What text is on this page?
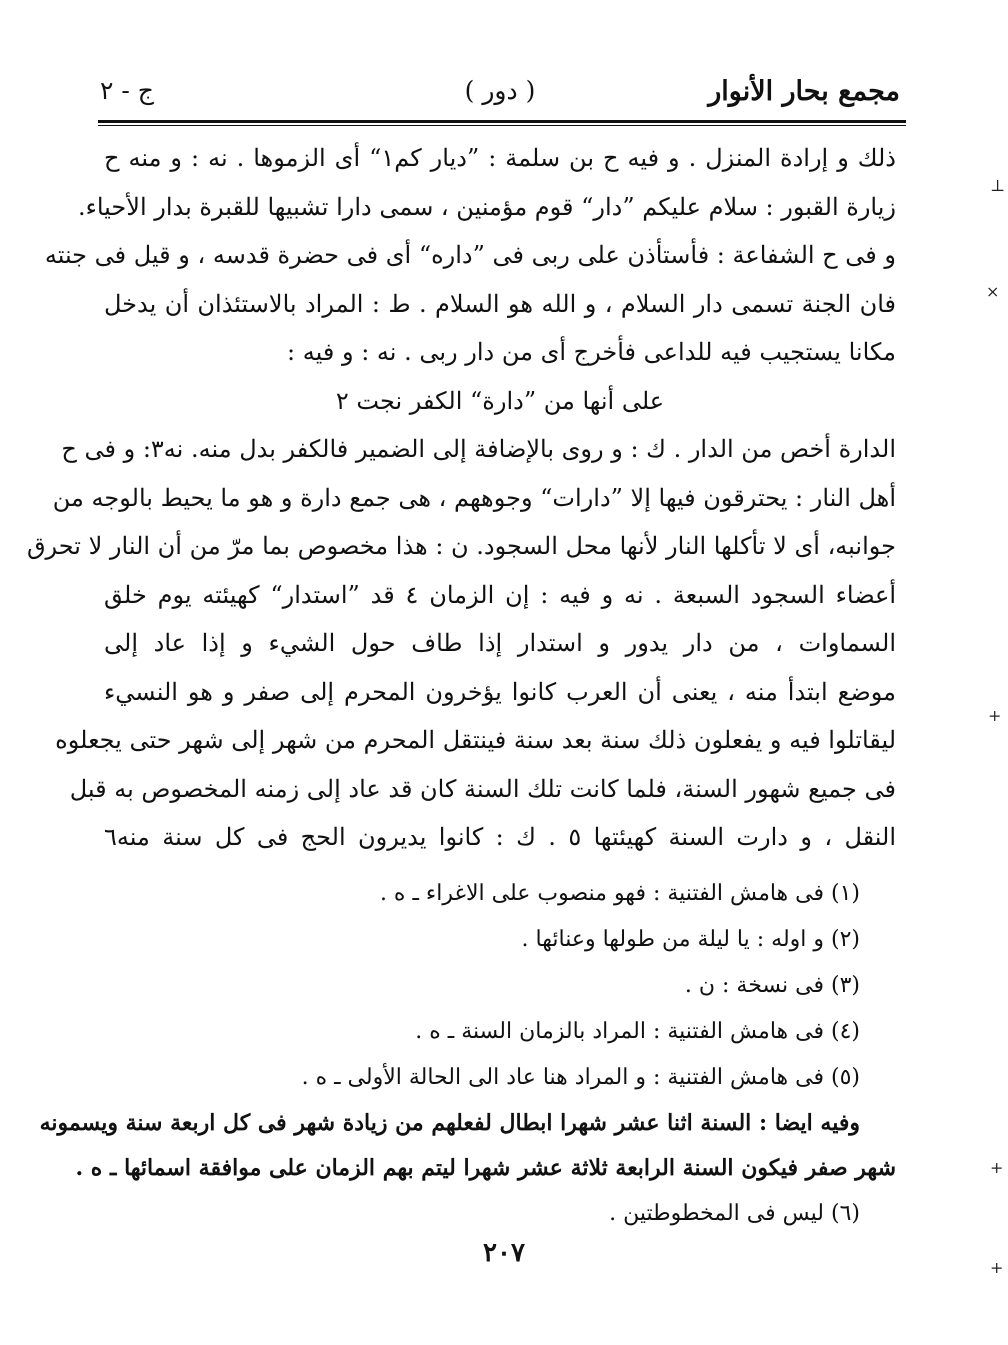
مجمع بحار الأنوار
( دور )
ج - ٢
ذلك و إرادة المنزل . و فيه ح بن سلمة : ”ديار كم١“ أى الزموها . نه : و منه ح
زيارة القبور : سلام عليكم ”دار“ قوم مؤمنين ، سمى دارا تشبيها للقبرة بدار الأحياء.
و فى ح الشفاعة : فأستأذن على ربى فى ”داره“ أى فى حضرة قدسه ، و قيل فى جنته
فان الجنة تسمى دار السلام ، و الله هو السلام . ط : المراد بالاستئذان أن يدخل
مكانا يستجيب فيه للداعى فأخرج أى من دار ربى . نه : و فيه :
على أنها من ”دارة“ الكفر نجت ٢
الدارة أخص من الدار . ك : و روى بالإضافة إلى الضمير فالكفر بدل منه. نه٣: و فى ح
أهل النار : يحترقون فيها إلا ”دارات“ وجوههم ، هى جمع دارة و هو ما يحيط بالوجه من
جوانبه، أى لا تأكلها النار لأنها محل السجود. ن : هذا مخصوص بما مرّ من أن النار لا تحرق
أعضاء السجود السبعة . نه و فيه : إن الزمان ٤ قد ”استدار“ كهيئته يوم خلق
السماوات ، من دار يدور و استدار إذا طاف حول الشيء و إذا عاد إلى
موضع ابتدأ منه ، يعنى أن العرب كانوا يؤخرون المحرم إلى صفر و هو النسيء
ليقاتلوا فيه و يفعلون ذلك سنة بعد سنة فينتقل المحرم من شهر إلى شهر حتى يجعلوه
فى جميع شهور السنة، فلما كانت تلك السنة كان قد عاد إلى زمنه المخصوص به قبل
النقل ، و دارت السنة كهيئتها ٥ . ك : كانوا يديرون الحج فى كل سنة منه٦
(١) فى هامش الفتنية : فهو منصوب على الاغراء ـ ه .
(٢) و اوله : يا ليلة من طولها وعنائها .
(٣) فى نسخة : ن .
(٤) فى هامش الفتنية : المراد بالزمان السنة ـ ه .
(٥) فى هامش الفتنية : و المراد هنا عاد الى الحالة الأولى ـ ه .
وفيه ايضا : السنة اثنا عشر شهرا ابطال لفعلهم من زيادة شهر فى كل اربعة سنة ويسمونه
شهر صفر فيكون السنة الرابعة ثلاثة عشر شهرا ليتم بهم الزمان على موافقة اسمائها ـ ه .
(٦) ليس فى المخطوطتين .
٢٠٧
⊥
×
+
+
+
